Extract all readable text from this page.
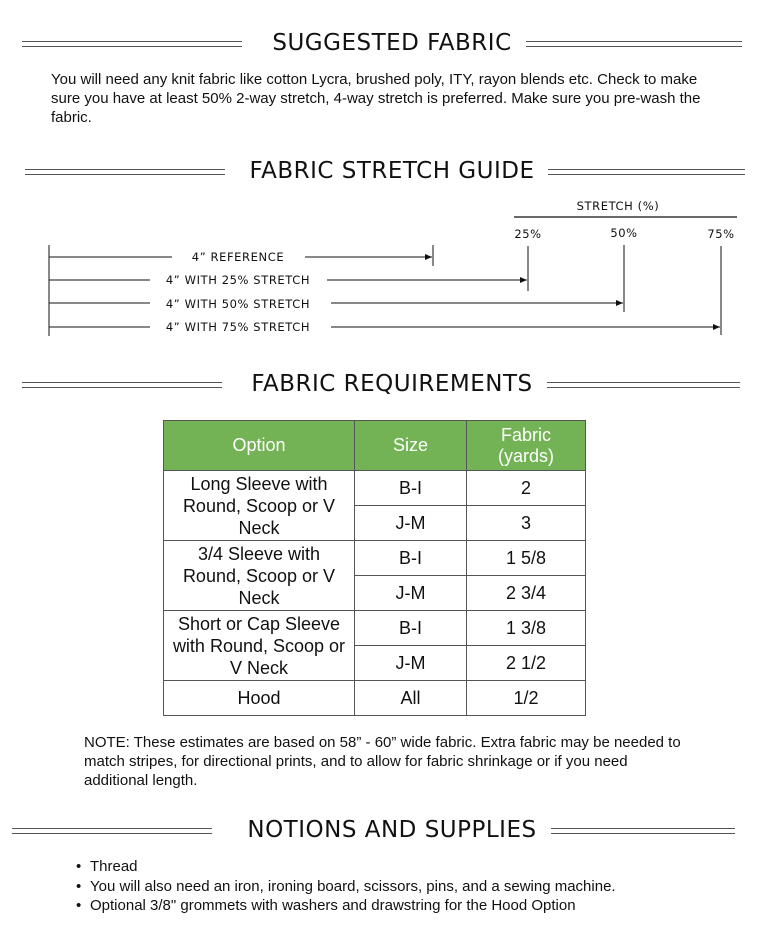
SUGGESTED FABRIC
You will need any knit fabric like cotton Lycra, brushed poly, ITY, rayon blends etc. Check to make sure you have at least 50% 2-way stretch, 4-way stretch is preferred. Make sure you pre-wash the fabric.
FABRIC STRETCH GUIDE
STRETCH (%)
25%	50%	75%
4” REFERENCE
4” WITH 25% STRETCH
4” WITH 50% STRETCH
4” WITH 75% STRETCH
FABRIC REQUIREMENTS
Option	Size	Fabric (yards)

Long Sleeve with Round, Scoop or V Neck	B-I	2
	J-M	3
3/4 Sleeve with Round, Scoop or V Neck	B-I	1 5/8
	J-M	2 3/4
Short or Cap Sleeve with Round, Scoop or V Neck	B-I	1 3/8
	J-M	2 1/2
Hood	All	1/2
NOTE: These estimates are based on 58” - 60” wide fabric. Extra fabric may be needed to match stripes, for directional prints, and to allow for fabric shrinkage or if you need additional length.
NOTIONS AND SUPPLIES
• Thread
• You will also need an iron, ironing board, scissors, pins, and a sewing machine.
• Optional 3/8" grommets with washers and drawstring for the Hood Option
